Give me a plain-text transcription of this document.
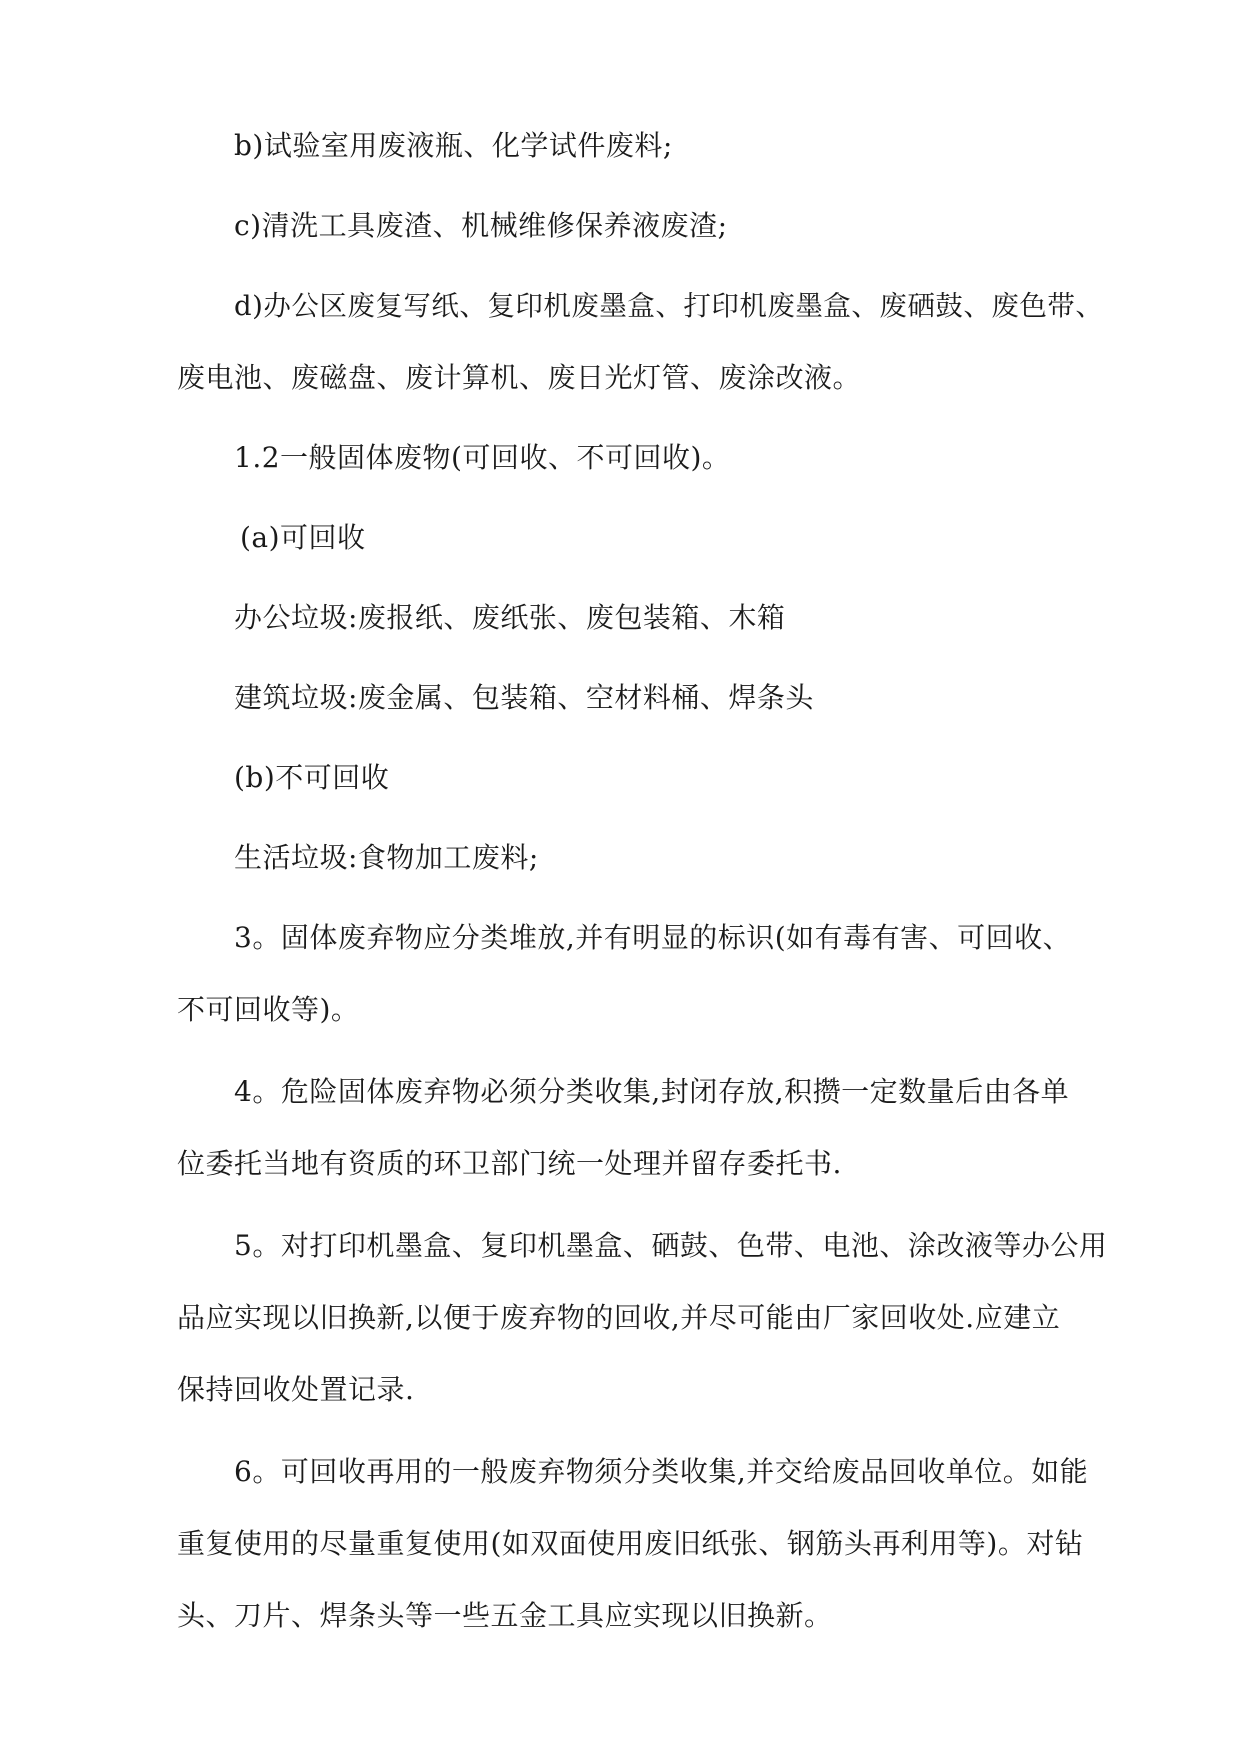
b)试验室用废液瓶、化学试件废料;
c)清洗工具废渣、机械维修保养液废渣;
d)办公区废复写纸、复印机废墨盒、打印机废墨盒、废硒鼓、废色带、
废电池、废磁盘、废计算机、废日光灯管、废涂改液。
1.2一般固体废物(可回收、不可回收)。
(a)可回收
办公垃圾:废报纸、废纸张、废包装箱、木箱
建筑垃圾:废金属、包装箱、空材料桶、焊条头
(b)不可回收
生活垃圾:食物加工废料;
3。固体废弃物应分类堆放,并有明显的标识(如有毒有害、可回收、
不可回收等)。
4。危险固体废弃物必须分类收集,封闭存放,积攒一定数量后由各单
位委托当地有资质的环卫部门统一处理并留存委托书.
5。对打印机墨盒、复印机墨盒、硒鼓、色带、电池、涂改液等办公用
品应实现以旧换新,以便于废弃物的回收,并尽可能由厂家回收处.应建立
保持回收处置记录.
6。可回收再用的一般废弃物须分类收集,并交给废品回收单位。如能
重复使用的尽量重复使用(如双面使用废旧纸张、钢筋头再利用等)。对钻
头、刀片、焊条头等一些五金工具应实现以旧换新。
